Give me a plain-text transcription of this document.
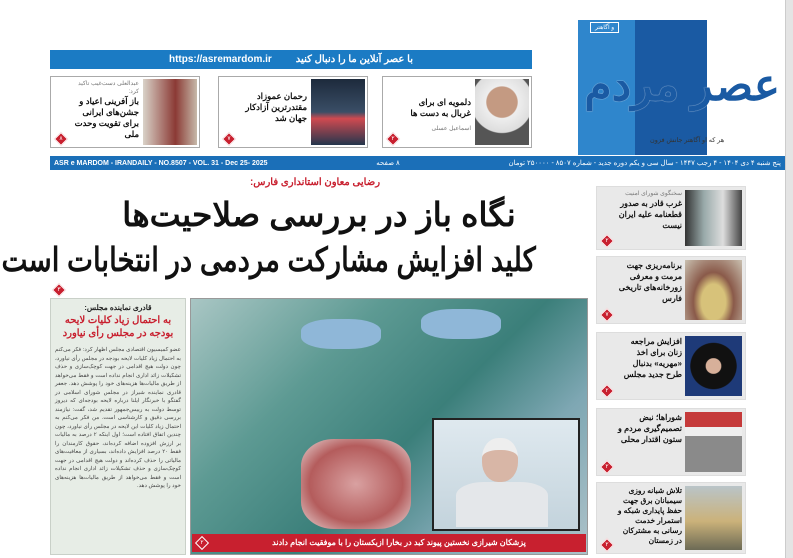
https://asremardom.ir با عصر آنلاین ما را دنبال کنید
عبدالعلی دست‌غیب تاکید کرد:
باز آفرینی اعیاد و جشن‌های ایرانی برای تقویت وحدت ملی
۸
رحمان عموزاد مقتدرترین آزادکار جهان شد
۷
دلمویه ای برای غربال به دست ها
اسماعیل عسلی
۲
و آگاهتر
عصر مردم
هر که او آگاهتر جانش فزون
ASR e MARDOM - IRANDAILY - NO.8507 - VOL. 31 - Dec 25- 2025	۸ صفحه	پنج شنبه ۴ دی ۱۴۰۴ - ۴ رجب ۱۴۴۷ - سال سی و یکم دوره جدید - شماره ۸۵۰۷ - ۲۵۰۰۰۰ تومان
رضایی معاون استانداری فارس:
نگاه باز در بررسی صلاحیت‌ها
کلید افزایش مشارکت مردمی در انتخابات است
۳
قادری نماینده مجلس:
به احتمال زیاد کلیات لایحه بودجه در مجلس رأی نیاورد
عضو کمیسیون اقتصادی مجلس اظهار کرد: فکر می‌کنم به احتمال زیاد کلیات لایحه بودجه در مجلس رأی نیاورد، چون دولت هیچ اقدامی در جهت کوچک‌سازی و حذف تشکیلات زائد اداری انجام نداده است و فقط می‌خواهد از طریق مالیات‌ها هزینه‌های خود را پوشش دهد. جعفر قادری نماینده شیراز در مجلس شورای اسلامی در گفتگو با خبرنگار ایلنا درباره لایحه بودجه‌ای که دیروز توسط دولت به رییس‌جمهور تقدیم شد، گفت: نیازمند بررسی دقیق و کارشناسی است. من فکر می‌کنم به احتمال زیاد کلیات این لایحه در مجلس رأی نیاورد، چون چندین اتفاق افتاده است؛ اول اینکه ۲ درصد به مالیات بر ارزش افزوده اضافه کرده‌اند، حقوق کارمندان را فقط ۲۰ درصد افزایش داده‌اند، بسیاری از معافیت‌های مالیاتی را حذف کرده‌اند و دولت هیچ اقدامی در جهت کوچک‌سازی و حذف تشکیلات زائد اداری انجام نداده است و فقط می‌خواهد از طریق مالیات‌ها هزینه‌های خود را پوشش دهد.
پزشکان شیرازی نخستین پیوند کبد در بخارا ازبکستان را با موفقیت انجام دادند
۲
سخنگوی شورای امنیت
غرب قادر به صدور قطعنامه علیه ایران نیست
۲
برنامه‌ریزی جهت مرمت و معرفی زورخانه‌های تاریخی فارس
۷
افزایش مراجعه زنان برای اخذ «مهریه» بدنبال طرح جدید مجلس
۲
شوراها؛ نبض تصمیم‌گیری مردم و ستون اقتدار محلی
۲
تلاش شبانه روزی سیمبانان برق جهت حفظ پایداری شبکه و استمرار خدمت رسانی به مشترکان در زمستان
۲
